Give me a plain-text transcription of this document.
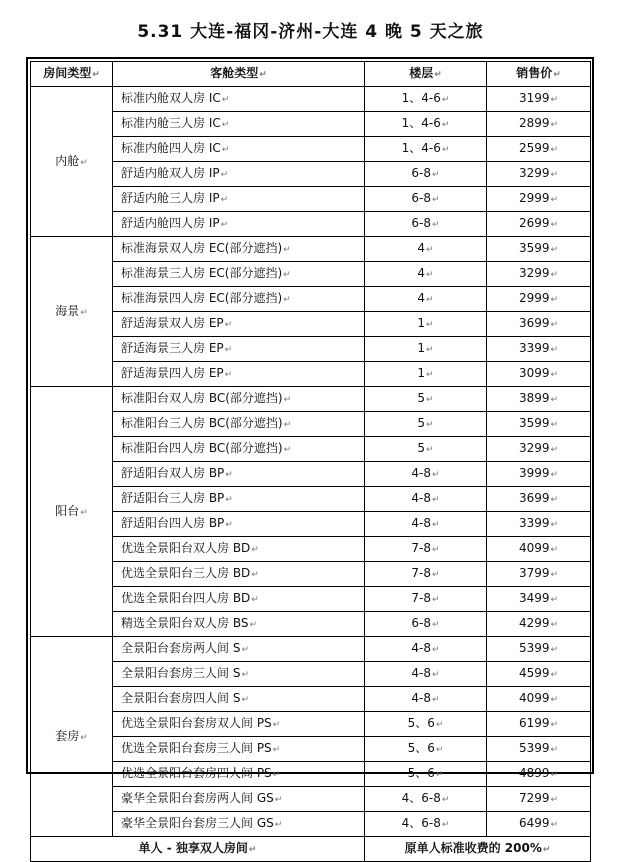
5.31 大连-福冈-济州-大连 4 晚 5 天之旅
房间类型↵	客舱类型↵	楼层↵	销售价↵
内舱↵	标准内舱双人房 IC↵	1、4-6↵	3199↵
	标准内舱三人房 IC↵	1、4-6↵	2899↵
	标准内舱四人房 IC↵	1、4-6↵	2599↵
	舒适内舱双人房 IP↵	6-8↵	3299↵
	舒适内舱三人房 IP↵	6-8↵	2999↵
	舒适内舱四人房 IP↵	6-8↵	2699↵
海景↵	标准海景双人房 EC(部分遮挡)↵	4↵	3599↵
	标准海景三人房 EC(部分遮挡)↵	4↵	3299↵
	标准海景四人房 EC(部分遮挡)↵	4↵	2999↵
	舒适海景双人房 EP↵	1↵	3699↵
	舒适海景三人房 EP↵	1↵	3399↵
	舒适海景四人房 EP↵	1↵	3099↵
阳台↵	标准阳台双人房 BC(部分遮挡)↵	5↵	3899↵
	标准阳台三人房 BC(部分遮挡)↵	5↵	3599↵
	标准阳台四人房 BC(部分遮挡)↵	5↵	3299↵
	舒适阳台双人房 BP↵	4-8↵	3999↵
	舒适阳台三人房 BP↵	4-8↵	3699↵
	舒适阳台四人房 BP↵	4-8↵	3399↵
	优选全景阳台双人房 BD↵	7-8↵	4099↵
	优选全景阳台三人房 BD↵	7-8↵	3799↵
	优选全景阳台四人房 BD↵	7-8↵	3499↵
	精选全景阳台双人房 BS↵	6-8↵	4299↵
套房↵	全景阳台套房两人间 S↵	4-8↵	5399↵
	全景阳台套房三人间 S↵	4-8↵	4599↵
	全景阳台套房四人间 S↵	4-8↵	4099↵
	优选全景阳台套房双人间 PS↵	5、6↵	6199↵
	优选全景阳台套房三人间 PS↵	5、6↵	5399↵
	优选全景阳台套房四人间 PS↵	5、6↵	4899↵
	豪华全景阳台套房两人间 GS↵	4、6-8↵	7299↵
	豪华全景阳台套房三人间 GS↵	4、6-8↵	6499↵
单人 - 独享双人房间↵		原单人标准收费的 200%↵	
